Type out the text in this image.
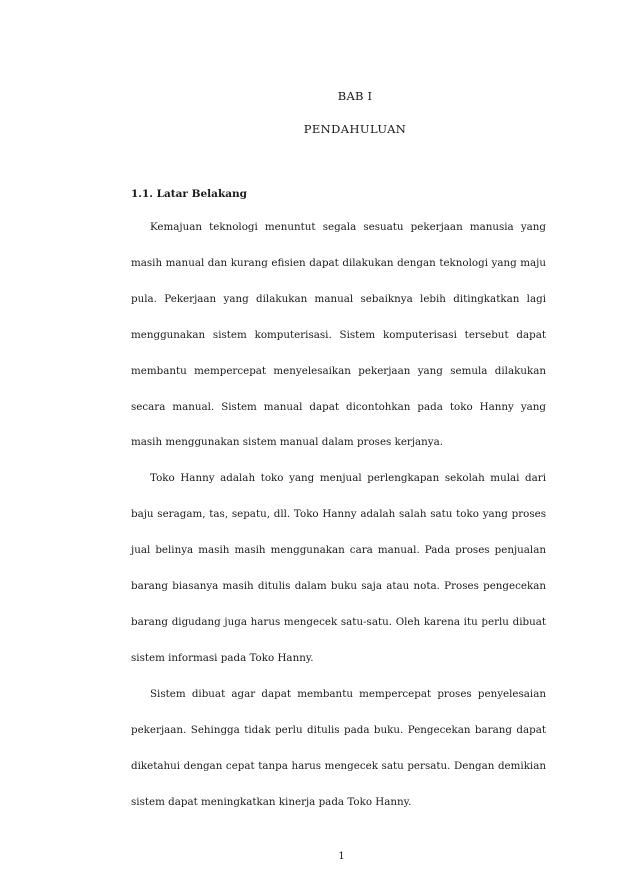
BAB I
PENDAHULUAN
1.1. Latar Belakang

Kemajuan teknologi menuntut segala sesuatu pekerjaan manusia yang masih manual dan kurang efisien dapat dilakukan dengan teknologi yang maju pula. Pekerjaan yang dilakukan manual sebaiknya lebih ditingkatkan lagi menggunakan sistem komputerisasi. Sistem komputerisasi tersebut dapat membantu mempercepat menyelesaikan pekerjaan yang semula dilakukan secara manual. Sistem manual dapat dicontohkan pada toko Hanny yang masih menggunakan sistem manual dalam proses kerjanya.

Toko Hanny adalah toko yang menjual perlengkapan sekolah mulai dari baju seragam, tas, sepatu, dll. Toko Hanny adalah salah satu toko yang proses jual belinya masih masih menggunakan cara manual. Pada proses penjualan barang biasanya masih ditulis dalam buku saja atau nota. Proses pengecekan barang digudang juga harus mengecek satu-satu. Oleh karena itu perlu dibuat sistem informasi pada Toko Hanny.

Sistem dibuat agar dapat membantu mempercepat proses penyelesaian pekerjaan. Sehingga tidak perlu ditulis pada buku. Pengecekan barang dapat diketahui dengan cepat tanpa harus mengecek satu persatu. Dengan demikian sistem dapat meningkatkan kinerja pada Toko Hanny.

1
